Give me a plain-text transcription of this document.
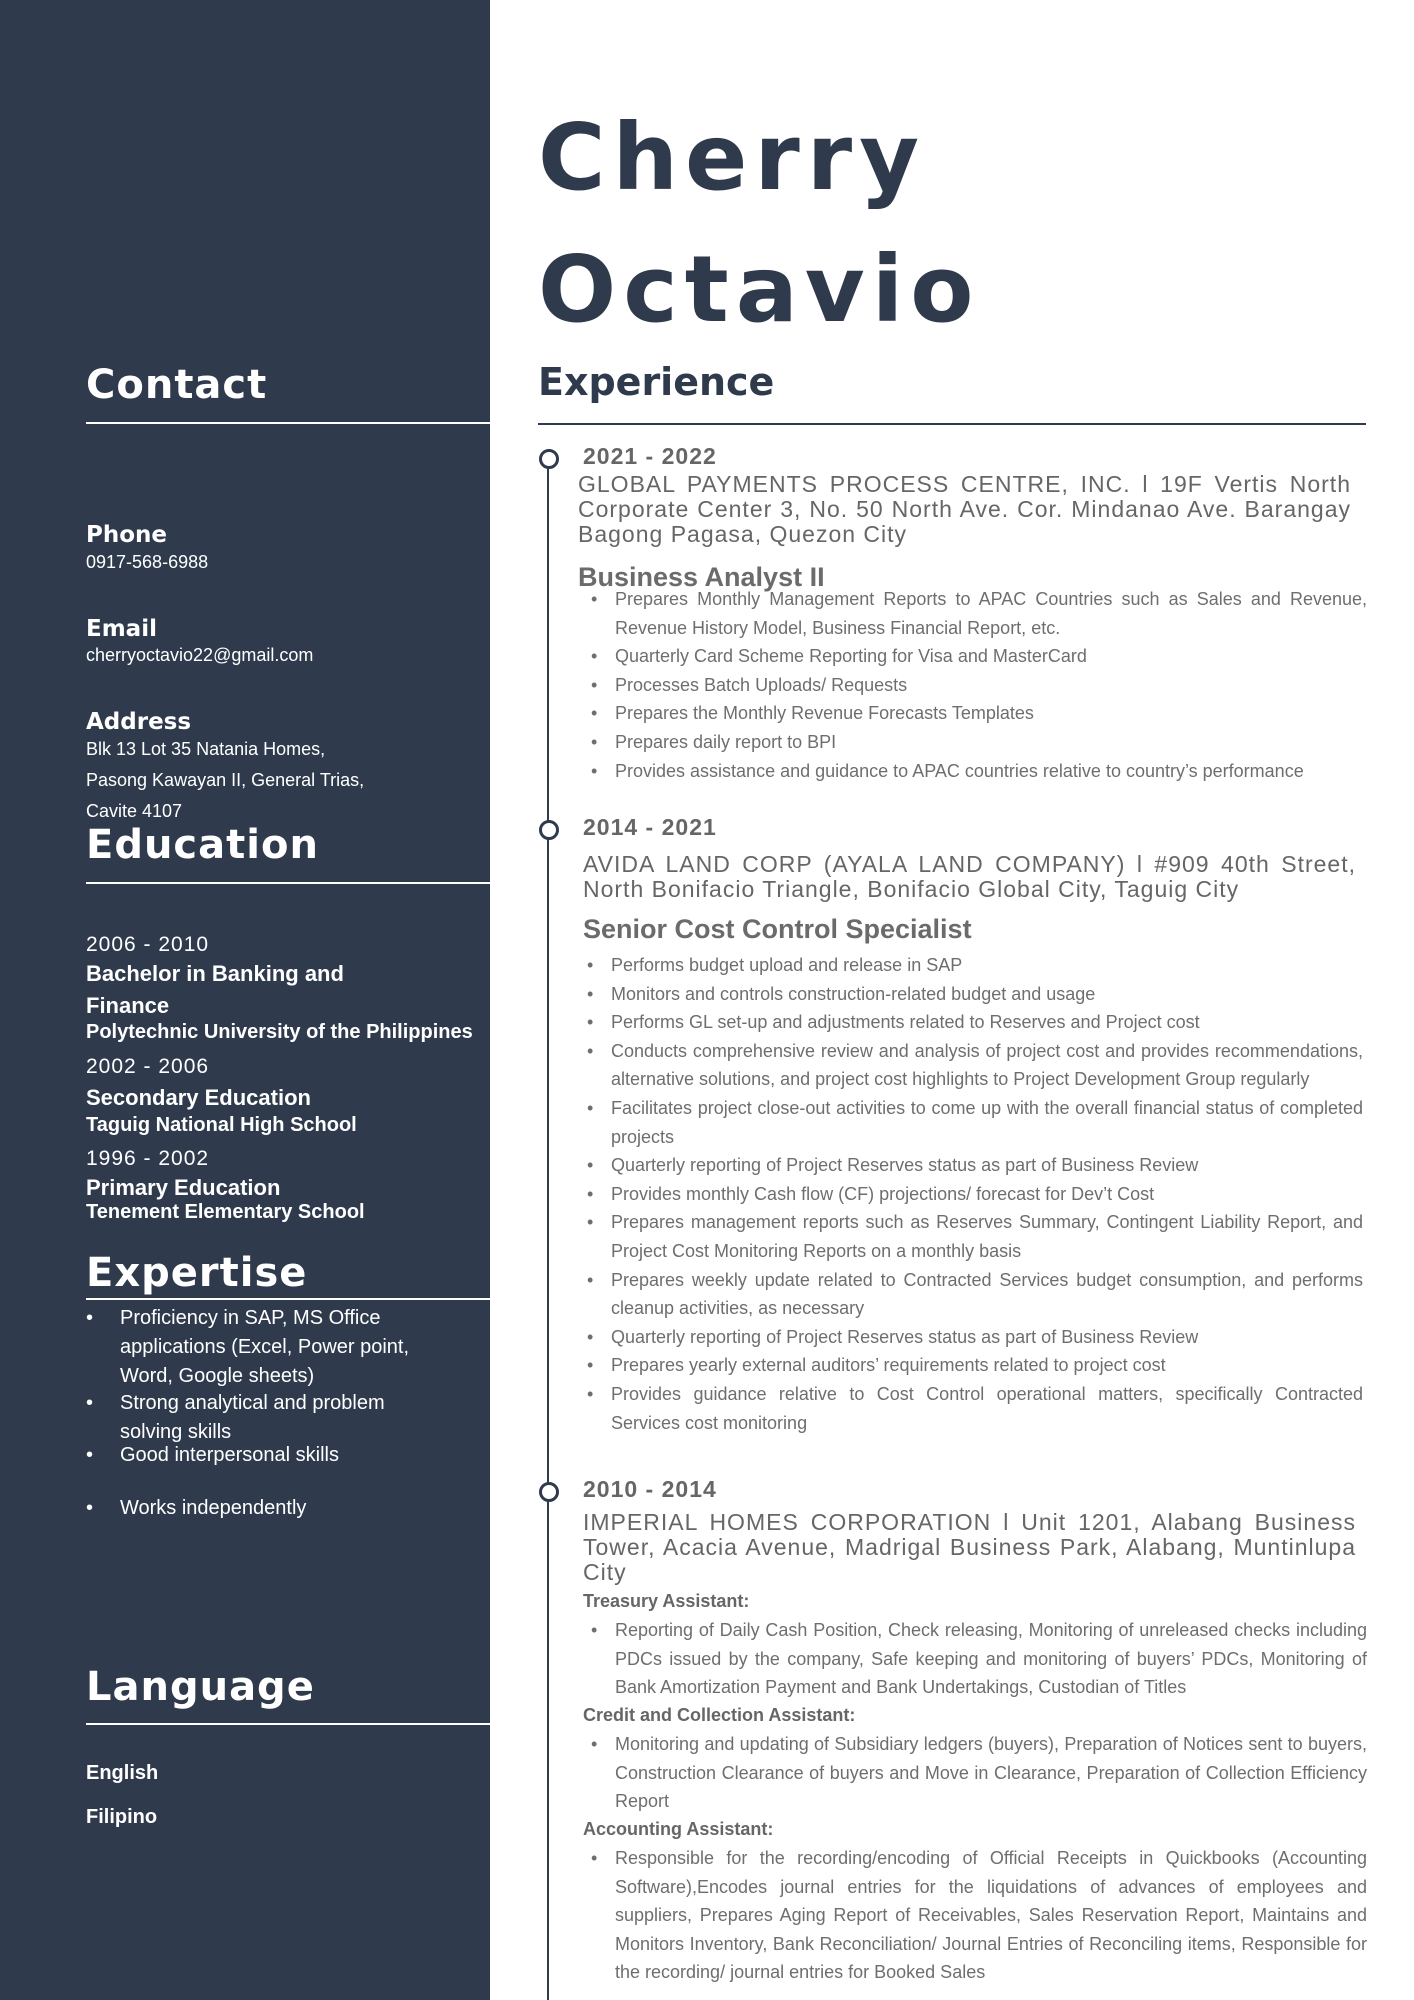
Contact
Phone
0917-568-6988
Email
cherryoctavio22@gmail.com
Address
Blk 13 Lot 35 Natania Homes, Pasong Kawayan II, General Trias, Cavite 4107
Education
2006 - 2010
Bachelor in Banking and Finance
Polytechnic University of the Philippines
2002 - 2006
Secondary Education
Taguig National High School
1996 - 2002
Primary Education
Tenement Elementary School
Expertise
• Proficiency in SAP, MS Office applications (Excel, Power point, Word, Google sheets)
• Strong analytical and problem solving skills
• Good interpersonal skills
• Works independently
Language
English
Filipino
Cherry
Octavio
Experience
2021 - 2022

GLOBAL PAYMENTS PROCESS CENTRE, INC. l 19F Vertis North Corporate Center 3, No. 50 North Ave. Cor. Mindanao Ave. Barangay Bagong Pagasa, Quezon City

Business Analyst II
• Prepares Monthly Management Reports to APAC Countries such as Sales and Revenue, Revenue History Model, Business Financial Report, etc.
• Quarterly Card Scheme Reporting for Visa and MasterCard
• Processes Batch Uploads/ Requests
• Prepares the Monthly Revenue Forecasts Templates
• Prepares daily report to BPI
• Provides assistance and guidance to APAC countries relative to country’s performance
2014 - 2021

AVIDA LAND CORP (AYALA LAND COMPANY) l #909 40th Street, North Bonifacio Triangle, Bonifacio Global City, Taguig City

Senior Cost Control Specialist
• Performs budget upload and release in SAP
• Monitors and controls construction-related budget and usage
• Performs GL set-up and adjustments related to Reserves and Project cost
• Conducts comprehensive review and analysis of project cost and provides recommendations, alternative solutions, and project cost highlights to Project Development Group regularly
• Facilitates project close-out activities to come up with the overall financial status of completed projects
• Quarterly reporting of Project Reserves status as part of Business Review
• Provides monthly Cash flow (CF) projections/ forecast for Dev’t Cost
• Prepares management reports such as Reserves Summary, Contingent Liability Report, and Project Cost Monitoring Reports on a monthly basis
• Prepares weekly update related to Contracted Services budget consumption, and performs cleanup activities, as necessary
• Quarterly reporting of Project Reserves status as part of Business Review
• Prepares yearly external auditors’ requirements related to project cost
• Provides guidance relative to Cost Control operational matters, specifically Contracted Services cost monitoring
2010 - 2014

IMPERIAL HOMES CORPORATION l Unit 1201, Alabang Business Tower, Acacia Avenue, Madrigal Business Park, Alabang, Muntinlupa City

Treasury Assistant:
• Reporting of Daily Cash Position, Check releasing, Monitoring of unreleased checks including PDCs issued by the company, Safe keeping and monitoring of buyers’ PDCs, Monitoring of Bank Amortization Payment and Bank Undertakings, Custodian of Titles
Credit and Collection Assistant:
• Monitoring and updating of Subsidiary ledgers (buyers), Preparation of Notices sent to buyers, Construction Clearance of buyers and Move in Clearance, Preparation of Collection Efficiency Report
Accounting Assistant:
• Responsible for the recording/encoding of Official Receipts in Quickbooks (Accounting Software),Encodes journal entries for the liquidations of advances of employees and suppliers, Prepares Aging Report of Receivables, Sales Reservation Report, Maintains and Monitors Inventory, Bank Reconciliation/ Journal Entries of Reconciling items, Responsible for the recording/ journal entries for Booked Sales
